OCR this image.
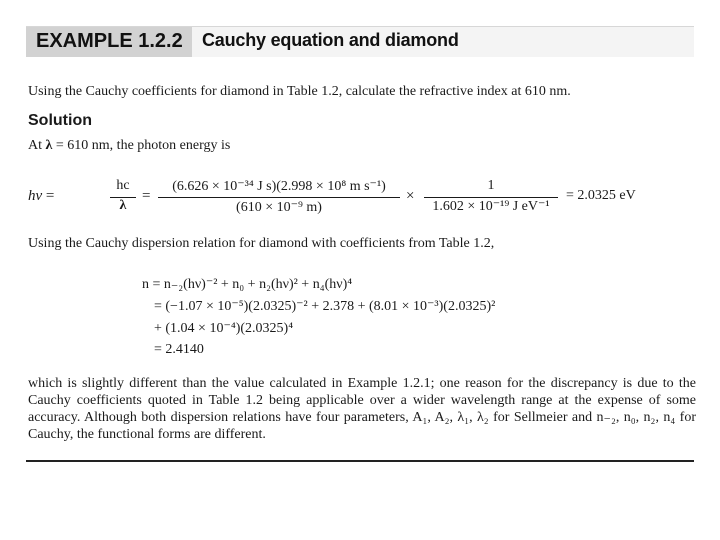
EXAMPLE 1.2.2 Cauchy equation and diamond
Using the Cauchy coefficients for diamond in Table 1.2, calculate the refractive index at 610 nm.
Solution
At λ = 610 nm, the photon energy is
hν =
hc
λ
=
(6.626 × 10⁻³⁴ J s)(2.998 × 10⁸ m s⁻¹)
(610 × 10⁻⁹ m)
×
1
1.602 × 10⁻¹⁹ J eV⁻¹
= 2.0325 eV
Using the Cauchy dispersion relation for diamond with coefficients from Table 1.2,
n = n₋₂(hν)⁻² + n₀ + n₂(hν)² + n₄(hν)⁴
= (−1.07 × 10⁻⁵)(2.0325)⁻² + 2.378 + (8.01 × 10⁻³)(2.0325)²
+ (1.04 × 10⁻⁴)(2.0325)⁴
= 2.4140
which is slightly different than the value calculated in Example 1.2.1; one reason for the discrepancy is due to the Cauchy coefficients quoted in Table 1.2 being applicable over a wider wavelength range at the expense of some accuracy. Although both dispersion relations have four parameters, A₁, A₂, λ₁, λ₂ for Sellmeier and n₋₂, n₀, n₂, n₄ for Cauchy, the functional forms are different.
